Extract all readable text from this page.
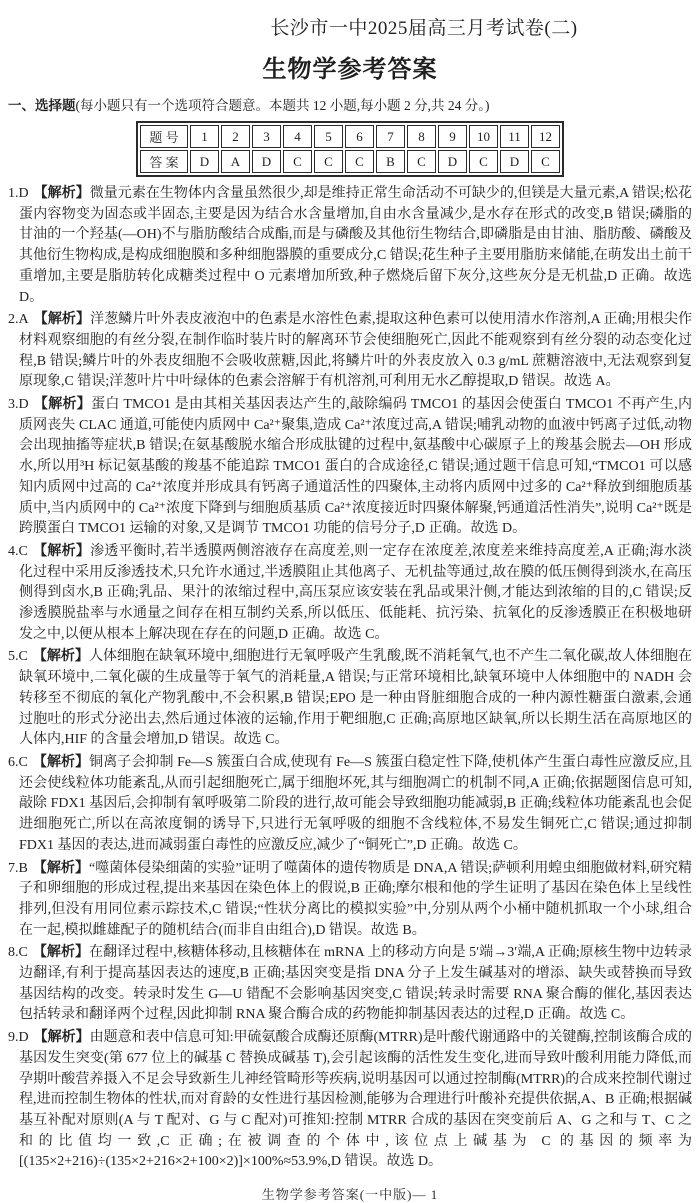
长沙市一中2025届高三月考试卷(二)
生物学参考答案
一、选择题(每小题只有一个选项符合题意。本题共 12 小题,每小题 2 分,共 24 分。)
题 号	1	2	3	4	5	6	7	8	9	10	11	12
答 案	D	A	D	C	C	C	B	C	D	C	D	C
1.D 【解析】微量元素在生物体内含量虽然很少,却是维持正常生命活动不可缺少的,但镁是大量元素,A 错误;松花蛋内容物变为固态或半固态,主要是因为结合水含量增加,自由水含量减少,是水存在形式的改变,B 错误;磷脂的甘油的一个羟基(—OH)不与脂肪酸结合成酯,而是与磷酸及其他衍生物结合,即磷脂是由甘油、脂肪酸、磷酸及其他衍生物构成,是构成细胞膜和多种细胞器膜的重要成分,C 错误;花生种子主要用脂肪来储能,在萌发出土前干重增加,主要是脂肪转化成糖类过程中 O 元素增加所致,种子燃烧后留下灰分,这些灰分是无机盐,D 正确。故选 D。
2.A 【解析】洋葱鳞片叶外表皮液泡中的色素是水溶性色素,提取这种色素可以使用清水作溶剂,A 正确;用根尖作材料观察细胞的有丝分裂,在制作临时装片时的解离环节会使细胞死亡,因此不能观察到有丝分裂的动态变化过程,B 错误;鳞片叶的外表皮细胞不会吸收蔗糖,因此,将鳞片叶的外表皮放入 0.3 g/mL 蔗糖溶液中,无法观察到复原现象,C 错误;洋葱叶片中叶绿体的色素会溶解于有机溶剂,可利用无水乙醇提取,D 错误。故选 A。
3.D 【解析】蛋白 TMCO1 是由其相关基因表达产生的,敲除编码 TMCO1 的基因会使蛋白 TMCO1 不再产生,内质网丧失 CLAC 通道,可能使内质网中 Ca²⁺聚集,造成 Ca²⁺浓度过高,A 错误;哺乳动物的血液中钙离子过低,动物会出现抽搐等症状,B 错误;在氨基酸脱水缩合形成肽键的过程中,氨基酸中心碳原子上的羧基会脱去—OH 形成水,所以用³H 标记氨基酸的羧基不能追踪 TMCO1 蛋白的合成途径,C 错误;通过题干信息可知,“TMCO1 可以感知内质网中过高的 Ca²⁺浓度并形成具有钙离子通道活性的四聚体,主动将内质网中过多的 Ca²⁺释放到细胞质基质中,当内质网中的 Ca²⁺浓度下降到与细胞质基质 Ca²⁺浓度接近时四聚体解聚,钙通道活性消失”,说明 Ca²⁺既是跨膜蛋白 TMCO1 运输的对象,又是调节 TMCO1 功能的信号分子,D 正确。故选 D。
4.C 【解析】渗透平衡时,若半透膜两侧溶液存在高度差,则一定存在浓度差,浓度差来维持高度差,A 正确;海水淡化过程中采用反渗透技术,只允许水通过,半透膜阻止其他离子、无机盐等通过,故在膜的低压侧得到淡水,在高压侧得到卤水,B 正确;乳品、果汁的浓缩过程中,高压泵应该安装在乳品或果汁侧,才能达到浓缩的目的,C 错误;反渗透膜脱盐率与水通量之间存在相互制约关系,所以低压、低能耗、抗污染、抗氧化的反渗透膜正在积极地研发之中,以便从根本上解决现在存在的问题,D 正确。故选 C。
5.C 【解析】人体细胞在缺氧环境中,细胞进行无氧呼吸产生乳酸,既不消耗氧气,也不产生二氧化碳,故人体细胞在缺氧环境中,二氧化碳的生成量等于氧气的消耗量,A 错误;与正常环境相比,缺氧环境中人体细胞中的 NADH 会转移至不彻底的氧化产物乳酸中,不会积累,B 错误;EPO 是一种由肾脏细胞合成的一种内源性糖蛋白激素,会通过胞吐的形式分泌出去,然后通过体液的运输,作用于靶细胞,C 正确;高原地区缺氧,所以长期生活在高原地区的人体内,HIF 的含量会增加,D 错误。故选 C。
6.C 【解析】铜离子会抑制 Fe—S 簇蛋白合成,使现有 Fe—S 簇蛋白稳定性下降,使机体产生蛋白毒性应激反应,且还会使线粒体功能紊乱,从而引起细胞死亡,属于细胞坏死,其与细胞凋亡的机制不同,A 正确;依据题图信息可知,敲除 FDX1 基因后,会抑制有氧呼吸第二阶段的进行,故可能会导致细胞功能减弱,B 正确;线粒体功能紊乱也会促进细胞死亡,所以在高浓度铜的诱导下,只进行无氧呼吸的细胞不含线粒体,不易发生铜死亡,C 错误;通过抑制 FDX1 基因的表达,进而减弱蛋白毒性的应激反应,减少了“铜死亡”,D 正确。故选 C。
7.B 【解析】“噬菌体侵染细菌的实验”证明了噬菌体的遗传物质是 DNA,A 错误;萨顿利用蝗虫细胞做材料,研究精子和卵细胞的形成过程,提出来基因在染色体上的假说,B 正确;摩尔根和他的学生证明了基因在染色体上呈线性排列,但没有用同位素示踪技术,C 错误;“性状分离比的模拟实验”中,分别从两个小桶中随机抓取一个小球,组合在一起,模拟雌雄配子的随机结合(而非自由组合),D 错误。故选 B。
8.C 【解析】在翻译过程中,核糖体移动,且核糖体在 mRNA 上的移动方向是 5′端→3′端,A 正确;原核生物中边转录边翻译,有利于提高基因表达的速度,B 正确;基因突变是指 DNA 分子上发生碱基对的增添、缺失或替换而导致基因结构的改变。转录时发生 G—U 错配不会影响基因突变,C 错误;转录时需要 RNA 聚合酶的催化,基因表达包括转录和翻译两个过程,因此抑制 RNA 聚合酶合成的药物能抑制基因表达的过程,D 正确。故选 C。
9.D 【解析】由题意和表中信息可知:甲硫氨酸合成酶还原酶(MTRR)是叶酸代谢通路中的关键酶,控制该酶合成的基因发生突变(第 677 位上的碱基 C 替换成碱基 T),会引起该酶的活性发生变化,进而导致叶酸利用能力降低,而孕期叶酸营养摄入不足会导致新生儿神经管畸形等疾病,说明基因可以通过控制酶(MTRR)的合成来控制代谢过程,进而控制生物体的性状,而对育龄的女性进行基因检测,能够为合理进行叶酸补充提供依据,A、B 正确;根据碱基互补配对原则(A 与 T 配对、G 与 C 配对)可推知:控制 MTRR 合成的基因在突变前后 A、G 之和与 T、C 之和的比值均一致,C 正确;在被调查的个体中,该位点上碱基为 C 的基因的频率为[(135×2+216)÷(135×2+216×2+100×2)]×100%≈53.9%,D 错误。故选 D。
生物学参考答案(一中版)— 1
